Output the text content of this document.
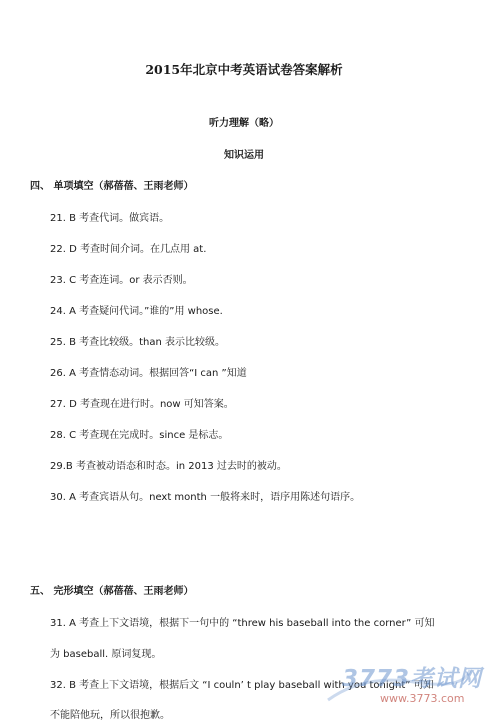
2015年北京中考英语试卷答案解析
听力理解（略）
知识运用
四、 单项填空（郝蓓蓓、王雨老师）
21. B 考查代词。做宾语。
22. D 考查时间介词。在几点用 at.
23. C 考查连词。or 表示否则。
24. A 考查疑问代词。”谁的”用 whose.
25. B 考查比较级。than 表示比较级。
26. A 考查情态动词。根据回答“I can ”知道
27. D 考查现在进行时。now 可知答案。
28. C 考查现在完成时。since 是标志。
29.B 考查被动语态和时态。in 2013 过去时的被动。
30. A 考查宾语从句。next month 一般将来时，语序用陈述句语序。
五、 完形填空（郝蓓蓓、王雨老师）
31. A 考查上下文语境，根据下一句中的 “threw his baseball into the corner” 可知
为 baseball. 原词复现。
32. B 考查上下文语境，根据后文 “I couln’ t play baseball with you tonight” 可知
不能陪他玩，所以很抱歉。
3773考试网
www.3773.com
